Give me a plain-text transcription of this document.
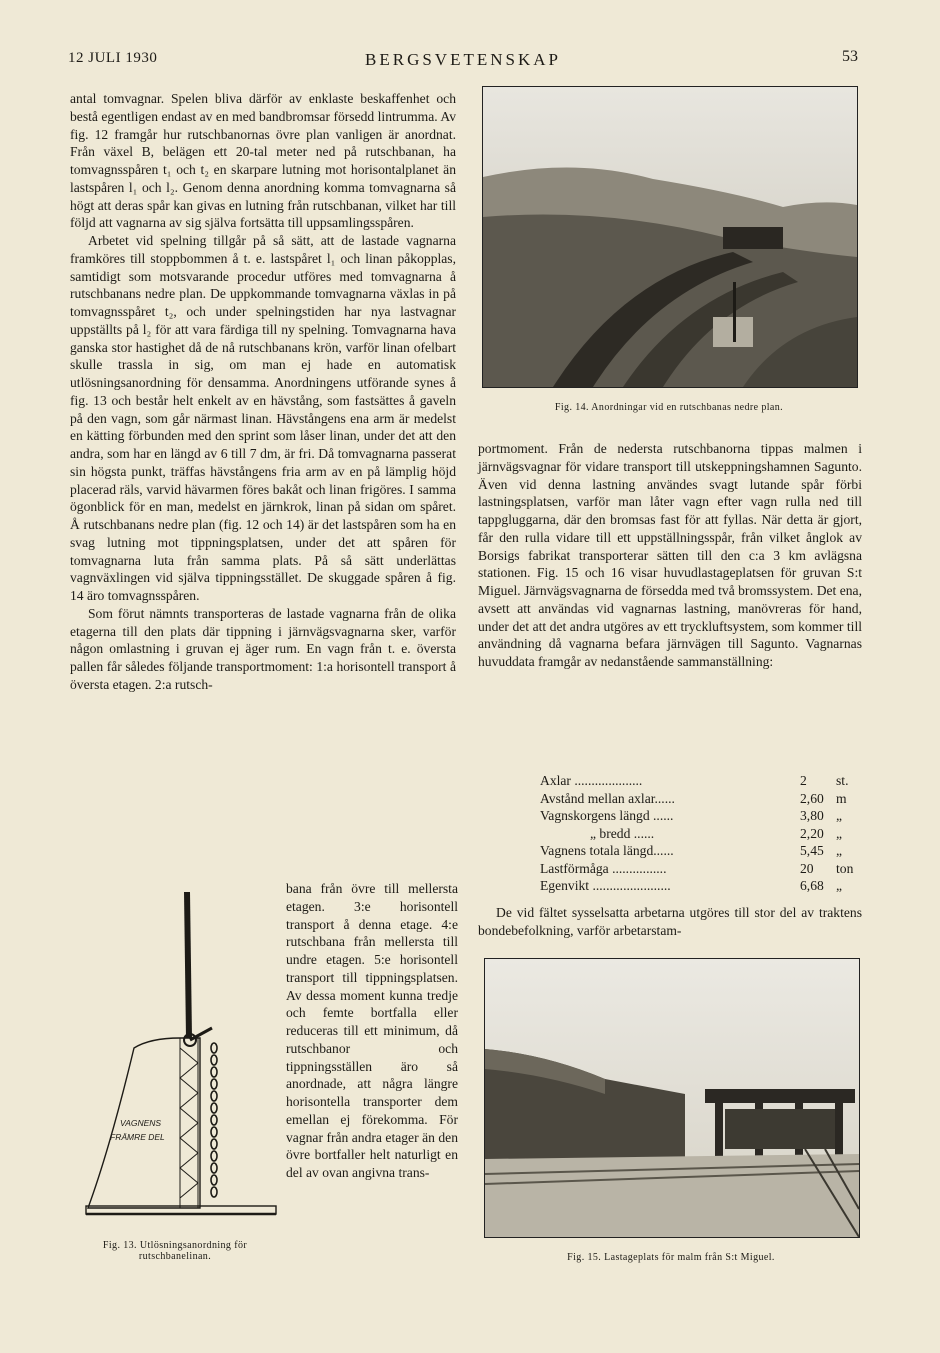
12 JULI 1930	BERGSVETENSKAP	53

antal tomvagnar. Spelen bliva därför av enklaste beskaffenhet och bestå egentligen endast av en med bandbromsar försedd lintrumma. Av fig. 12 framgår hur rutschbanornas övre plan vanligen är anordnat. Från växel B, belägen ett 20-tal meter ned på rutschbanan, ha tomvagnsspåren t₁ och t₂ en skarpare lutning mot horisontalplanet än lastspåren l₁ och l₂. Genom denna anordning komma tomvagnarna så högt att deras spår kan givas en lutning från rutschbanan, vilket har till följd att vagnarna av sig själva fortsätta till uppsamlingsspåren.

Arbetet vid spelning tillgår på så sätt, att de lastade vagnarna framköres till stoppbommen å t. e. lastspåret l₁ och linan påkopplas, samtidigt som motsvarande procedur utföres med tomvagnarna å rutschbanans nedre plan. De uppkommande tomvagnarna växlas in på tomvagnsspåret t₂, och under spelningstiden har nya lastvagnar uppställts på l₂ för att vara färdiga till ny spelning. Tomvagnarna hava ganska stor hastighet då de nå rutschbanans krön, varför linan ofelbart skulle trassla in sig, om man ej hade en automatisk utlösningsanordning för densamma. Anordningens utförande synes å fig. 13 och består helt enkelt av en hävstång, som fastsättes å gaveln på den vagn, som går närmast linan. Hävstångens ena arm är medelst en kätting förbunden med den sprint som låser linan, under det att den andra, som har en längd av 6 till 7 dm, är fri. Då tomvagnarna passerat sin högsta punkt, träffas hävstångens fria arm av en på lämplig höjd placerad räls, varvid hävarmen föres bakåt och linan frigöres. I samma ögonblick för en man, medelst en järnkrok, linan på sidan om spåret. Å rutschbanans nedre plan (fig. 12 och 14) är det lastspåren som ha en svag lutning mot tippningsplatsen, under det att spåren för tomvagnarna luta från samma plats. På så sätt underlättas vagnväxlingen vid själva tippningsstället. De skuggade spåren å fig. 14 äro tomvagnsspåren.

Som förut nämnts transporteras de lastade vagnarna från de olika etagerna till den plats där tippning i järnvägsvagnarna sker, varför någon omlastning i gruvan ej äger rum. En vagn från t. e. översta pallen får således följande transportmoment: 1:a horisontell transport å översta etagen. 2:a rutsch-

bana från övre till mellersta etagen. 3:e horisontell transport å denna etage. 4:e rutschbana från mellersta till undre etagen. 5:e horisontell transport till tippningsplatsen. Av dessa moment kunna tredje och femte bortfalla eller reduceras till ett minimum, då rutschbanor och tippningsställen äro så anordnade, att några längre horisontella transporter dem emellan ej förekomma. För vagnar från andra etager än den övre bortfaller helt naturligt en del av ovan angivna trans-

VAGNENS
FRÄMRE DEL
Fig. 13. Utlösningsanordning för
rutschbanelinan.
Fig. 14. Anordningar vid en rutschbanas nedre plan.

portmoment. Från de nedersta rutschbanorna tippas malmen i järnvägsvagnar för vidare transport till utskeppningshamnen Sagunto. Även vid denna lastning användes svagt lutande spår förbi lastningsplatsen, varför man låter vagn efter vagn rulla ned till tappgluggarna, där den bromsas fast för att fyllas. När detta är gjort, får den rulla vidare till ett uppställningsspår, från vilket ånglok av Borsigs fabrikat transporterar sätten till den c:a 3 km avlägsna stationen. Fig. 15 och 16 visar huvudlastageplatsen för gruvan S:t Miguel. Järnvägsvagnarna de försedda med två bromssystem. Det ena, avsett att användas vid vagnarnas lastning, manövreras för hand, under det att det andra utgöres av ett tryckluftsystem, som kommer till användning då vagnarna befara järnvägen till Sagunto. Vagnarnas huvuddata framgår av nedanstående sammanställning:

Axlar ....................	2	st.
Avstånd mellan axlar......	2,60	m
Vagnskorgens längd ......	3,80	„
„ bredd ......	2,20	„
Vagnens totala längd......	5,45	„
Lastförmåga ................	20	ton
Egenvikt .......................	6,68	„

De vid fältet sysselsatta arbetarna utgöres till stor del av traktens bondebefolkning, varför arbetarstam-

Fig. 15. Lastageplats för malm från S:t Miguel.
